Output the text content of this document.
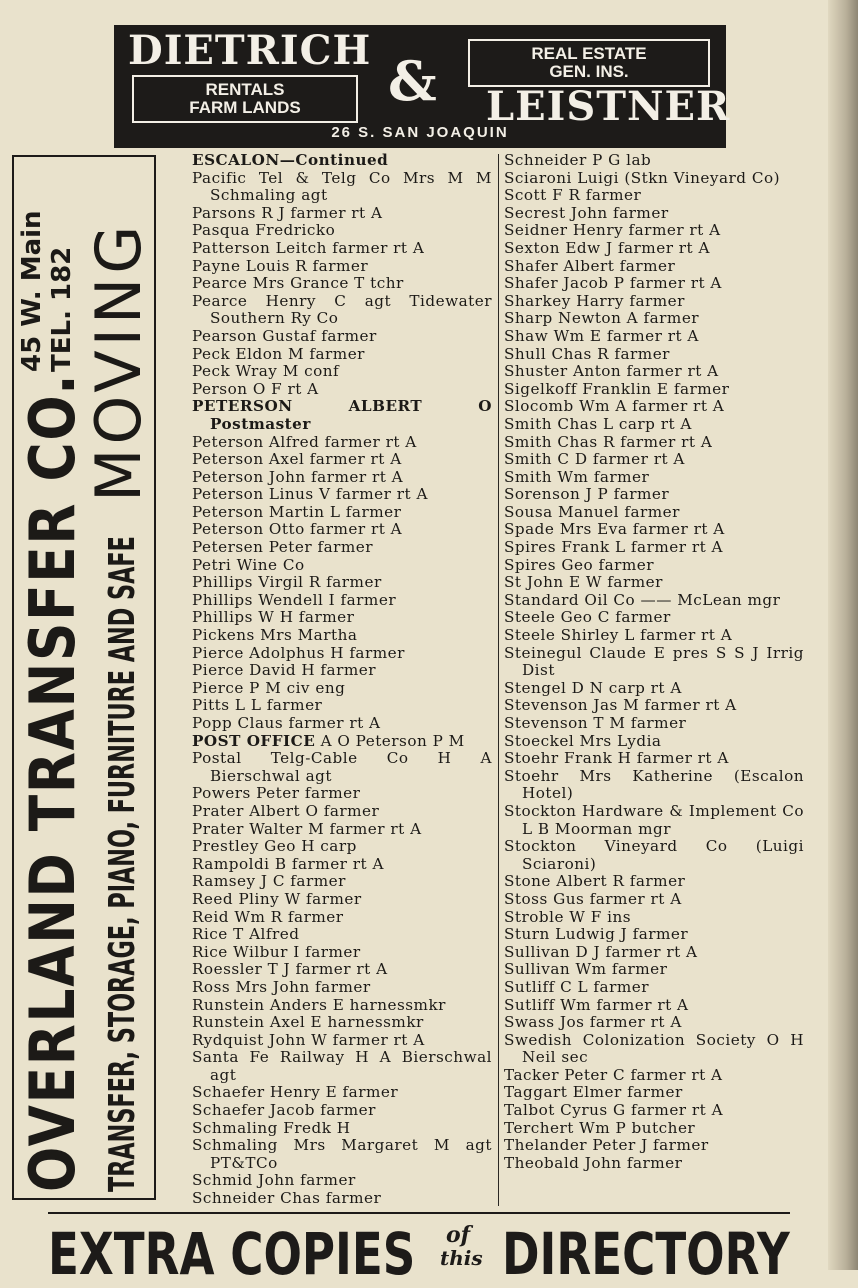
DIETRICH & LEISTNER
RENTALS
FARM LANDS
REAL ESTATE
GEN. INS.
26 S. SAN JOAQUIN
OVERLAND TRANSFER CO.
45 W. Main TEL. 182
TRANSFER, STORAGE, PIANO, FURNITURE AND SAFE
MOVING
ESCALON—Continued
Pacific Tel & Telg Co Mrs M M Schmaling agt
Parsons R J farmer rt A
Pasqua Fredricko
Patterson Leitch farmer rt A
Payne Louis R farmer
Pearce Mrs Grance T tchr
Pearce Henry C agt Tidewater Southern Ry Co
Pearson Gustaf farmer
Peck Eldon M farmer
Peck Wray M conf
Person O F rt A
PETERSON ALBERT O Postmaster
Peterson Alfred farmer rt A
Peterson Axel farmer rt A
Peterson John farmer rt A
Peterson Linus V farmer rt A
Peterson Martin L farmer
Peterson Otto farmer rt A
Petersen Peter farmer
Petri Wine Co
Phillips Virgil R farmer
Phillips Wendell I farmer
Phillips W H farmer
Pickens Mrs Martha
Pierce Adolphus H farmer
Pierce David H farmer
Pierce P M civ eng
Pitts L L farmer
Popp Claus farmer rt A
POST OFFICE A O Peterson P M
Postal Telg-Cable Co H A Bierschwal agt
Powers Peter farmer
Prater Albert O farmer
Prater Walter M farmer rt A
Prestley Geo H carp
Rampoldi B farmer rt A
Ramsey J C farmer
Reed Pliny W farmer
Reid Wm R farmer
Rice T Alfred
Rice Wilbur I farmer
Roessler T J farmer rt A
Ross Mrs John farmer
Runstein Anders E harnessmkr
Runstein Axel E harnessmkr
Rydquist John W farmer rt A
Santa Fe Railway H A Bierschwal agt
Schaefer Henry E farmer
Schaefer Jacob farmer
Schmaling Fredk H
Schmaling Mrs Margaret M agt PT&TCo
Schmid John farmer
Schneider Chas farmer
Schneider P G lab
Sciaroni Luigi (Stkn Vineyard Co)
Scott F R farmer
Secrest John farmer
Seidner Henry farmer rt A
Sexton Edw J farmer rt A
Shafer Albert farmer
Shafer Jacob P farmer rt A
Sharkey Harry farmer
Sharp Newton A farmer
Shaw Wm E farmer rt A
Shull Chas R farmer
Shuster Anton farmer rt A
Sigelkoff Franklin E farmer
Slocomb Wm A farmer rt A
Smith Chas L carp rt A
Smith Chas R farmer rt A
Smith C D farmer rt A
Smith Wm farmer
Sorenson J P farmer
Sousa Manuel farmer
Spade Mrs Eva farmer rt A
Spires Frank L farmer rt A
Spires Geo farmer
St John E W farmer
Standard Oil Co —— McLean mgr
Steele Geo C farmer
Steele Shirley L farmer rt A
Steinegul Claude E pres S S J Irrig Dist
Stengel D N carp rt A
Stevenson Jas M farmer rt A
Stevenson T M farmer
Stoeckel Mrs Lydia
Stoehr Frank H farmer rt A
Stoehr Mrs Katherine (Escalon Hotel)
Stockton Hardware & Implement Co L B Moorman mgr
Stockton Vineyard Co (Luigi Sciaroni)
Stone Albert R farmer
Stoss Gus farmer rt A
Stroble W F ins
Sturn Ludwig J farmer
Sullivan D J farmer rt A
Sullivan Wm farmer
Sutliff C L farmer
Sutliff Wm farmer rt A
Swass Jos farmer rt A
Swedish Colonization Society O H Neil sec
Tacker Peter C farmer rt A
Taggart Elmer farmer
Talbot Cyrus G farmer rt A
Terchert Wm P butcher
Thelander Peter J farmer
Theobald John farmer
EXTRA COPIES of
this DIRECTORY
